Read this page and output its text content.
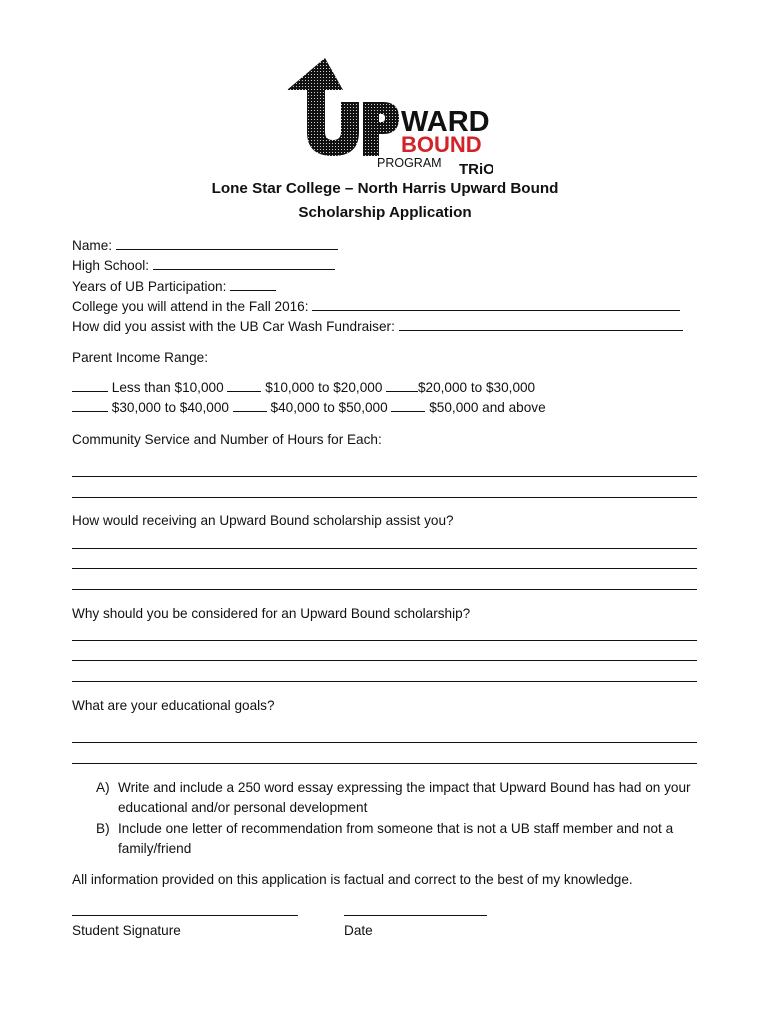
WARD
BOUND
PROGRAM TRiO
Lone Star College – North Harris Upward Bound
Scholarship Application
Name:
High School:
Years of UB Participation:
College you will attend in the Fall 2016:
How did you assist with the UB Car Wash Fundraiser:
Parent Income Range:
Less than $10,000	$10,000 to $20,000	$20,000 to $30,000
$30,000 to $40,000	$40,000 to $50,000	$50,000 and above
Community Service and Number of Hours for Each:
How would receiving an Upward Bound scholarship assist you?
Why should you be considered for an Upward Bound scholarship?
What are your educational goals?
A) Write and include a 250 word essay expressing the impact that Upward Bound has had on your educational and/or personal development
B) Include one letter of recommendation from someone that is not a UB staff member and not a family/friend
All information provided on this application is factual and correct to the best of my knowledge.
Student Signature	Date
